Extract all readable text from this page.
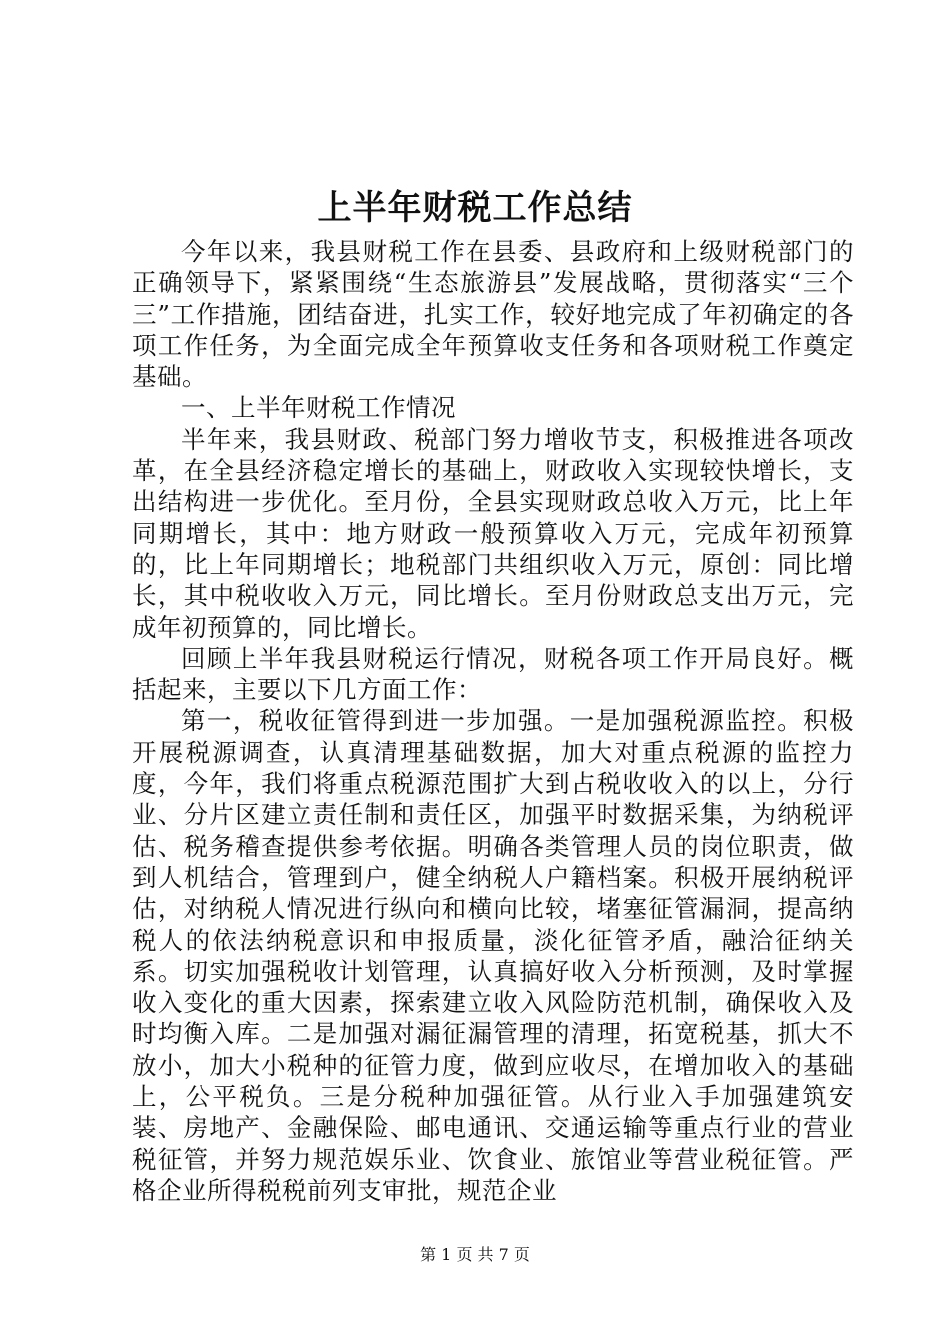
上半年财税工作总结

今年以来，我县财税工作在县委、县政府和上级财税部门的正确领导下，紧紧围绕“生态旅游县”发展战略，贯彻落实“三个三”工作措施，团结奋进，扎实工作，较好地完成了年初确定的各项工作任务，为全面完成全年预算收支任务和各项财税工作奠定基础。

一、上半年财税工作情况

半年来，我县财政、税部门努力增收节支，积极推进各项改革，在全县经济稳定增长的基础上，财政收入实现较快增长，支出结构进一步优化。至月份，全县实现财政总收入万元，比上年同期增长，其中：地方财政一般预算收入万元，完成年初预算的，比上年同期增长；地税部门共组织收入万元，原创：同比增长，其中税收收入万元，同比增长。至月份财政总支出万元，完成年初预算的，同比增长。

回顾上半年我县财税运行情况，财税各项工作开局良好。概括起来，主要以下几方面工作：

第一，税收征管得到进一步加强。一是加强税源监控。积极开展税源调查，认真清理基础数据，加大对重点税源的监控力度，今年，我们将重点税源范围扩大到占税收收入的以上，分行业、分片区建立责任制和责任区，加强平时数据采集，为纳税评估、税务稽查提供参考依据。明确各类管理人员的岗位职责，做到人机结合，管理到户，健全纳税人户籍档案。积极开展纳税评估，对纳税人情况进行纵向和横向比较，堵塞征管漏洞，提高纳税人的依法纳税意识和申报质量，淡化征管矛盾，融洽征纳关系。切实加强税收计划管理，认真搞好收入分析预测，及时掌握收入变化的重大因素，探索建立收入风险防范机制，确保收入及时均衡入库。二是加强对漏征漏管理的清理，拓宽税基，抓大不放小，加大小税种的征管力度，做到应收尽，在增加收入的基础上，公平税负。三是分税种加强征管。从行业入手加强建筑安装、房地产、金融保险、邮电通讯、交通运输等重点行业的营业税征管，并努力规范娱乐业、饮食业、旅馆业等营业税征管。严格企业所得税税前列支审批，规范企业

第 1 页 共 7 页
